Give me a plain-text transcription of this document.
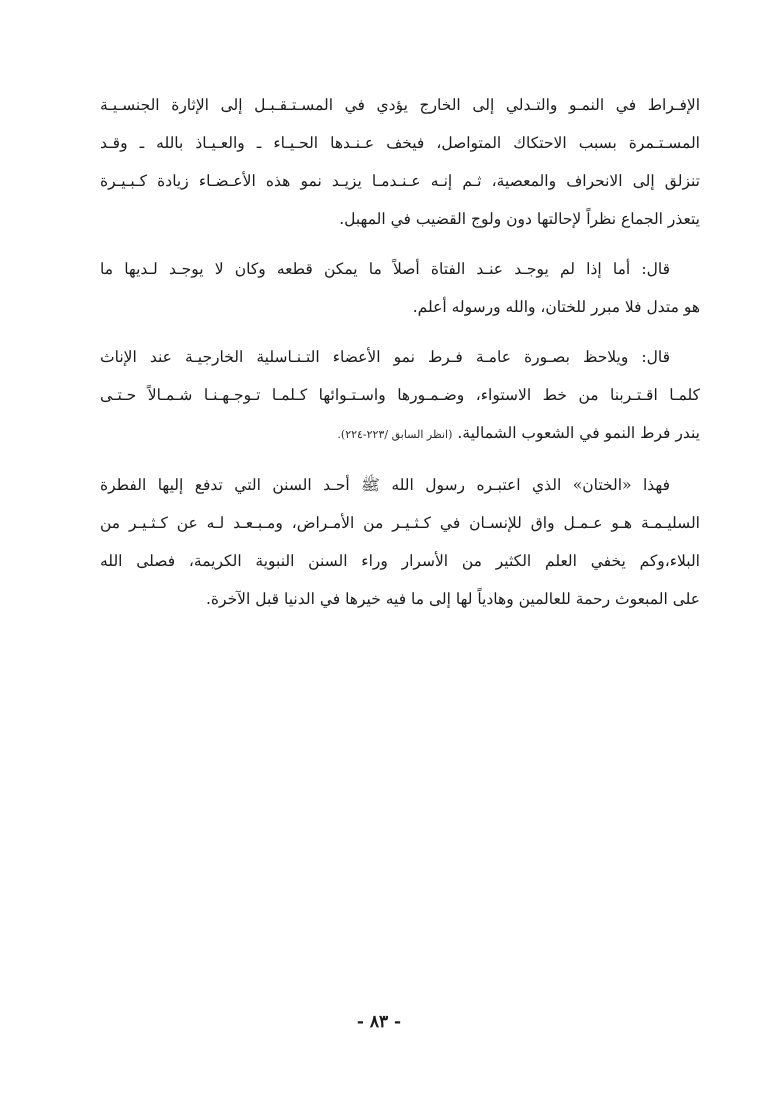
الإفـراط في النمـو والتـدلي إلى الخارج يؤدي في المسـتـقـبـل إلى الإثارة الجنسـيـة
المسـتـمرة بسبب الاحتكاك المتواصل، فيخف عـنـدها الحـيـاء ـ والعـيـاذ بالله ـ وقـد
تنزلق إلى الانحراف والمعصية، ثـم إنـه عـنـدمـا يزيـد نمو هذه الأعـضـاء زيادة كـبـيـرة
يتعذر الجماع نظراً لإحالتها دون ولوج القضيب في المهبل.

قال: أما إذا لم يوجـد عنـد الفتاة أصلاً ما يمكن قطعه وكان لا يوجـد لـديها ما
هو متدل فلا مبرر للختان، والله ورسوله أعلم.

قال: ويلاحظ بصـورة عامـة فـرط نمو الأعضاء التـنـاسلية الخارجيـة عند الإناث
كلمـا اقـتـربنا من خط الاستواء، وضـمـورها واسـتـوائها كـلمـا تـوجـهـنـا شـمـالاً حـتـى
يندر فرط النمو في الشعوب الشمالية. (انظر السابق /٢٢٣-٢٢٤).

فهذا «الختان» الذي اعتبـره رسول الله ﷺ أحـد السنن التي تدفع إليها الفطرة
السليـمـة هـو عـمـل واق للإنسـان في كـثـيـر من الأمـراض، ومـبـعـد لـه عن كـثـيـر من
البلاء،وكم يخفي العلم الكثير من الأسرار وراء السنن النبوية الكريمة، فصلى الله
على المبعوث رحمة للعالمين وهادياً لها إلى ما فيه خيرها في الدنيا قبل الآخرة.

- ٨٣ -
